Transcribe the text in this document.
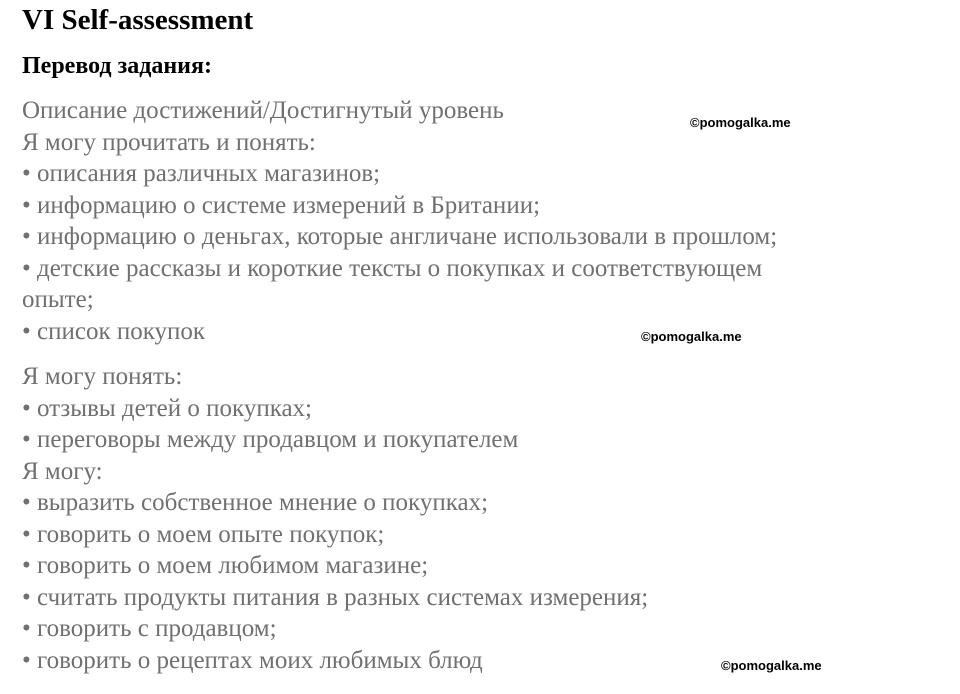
VI Self-assessment
Перевод задания:
Описание достижений/Достигнутый уровень
Я могу прочитать и понять:
• описания различных магазинов;
• информацию о системе измерений в Британии;
• информацию о деньгах, которые англичане использовали в прошлом;
• детские рассказы и короткие тексты о покупках и соответствующем
опыте;
• список покупок
Я могу понять:
• отзывы детей о покупках;
• переговоры между продавцом и покупателем
Я могу:
• выразить собственное мнение о покупках;
• говорить о моем опыте покупок;
• говорить о моем любимом магазине;
• считать продукты питания в разных системах измерения;
• говорить с продавцом;
• говорить о рецептах моих любимых блюд
©pomogalka.me
©pomogalka.me
©pomogalka.me
